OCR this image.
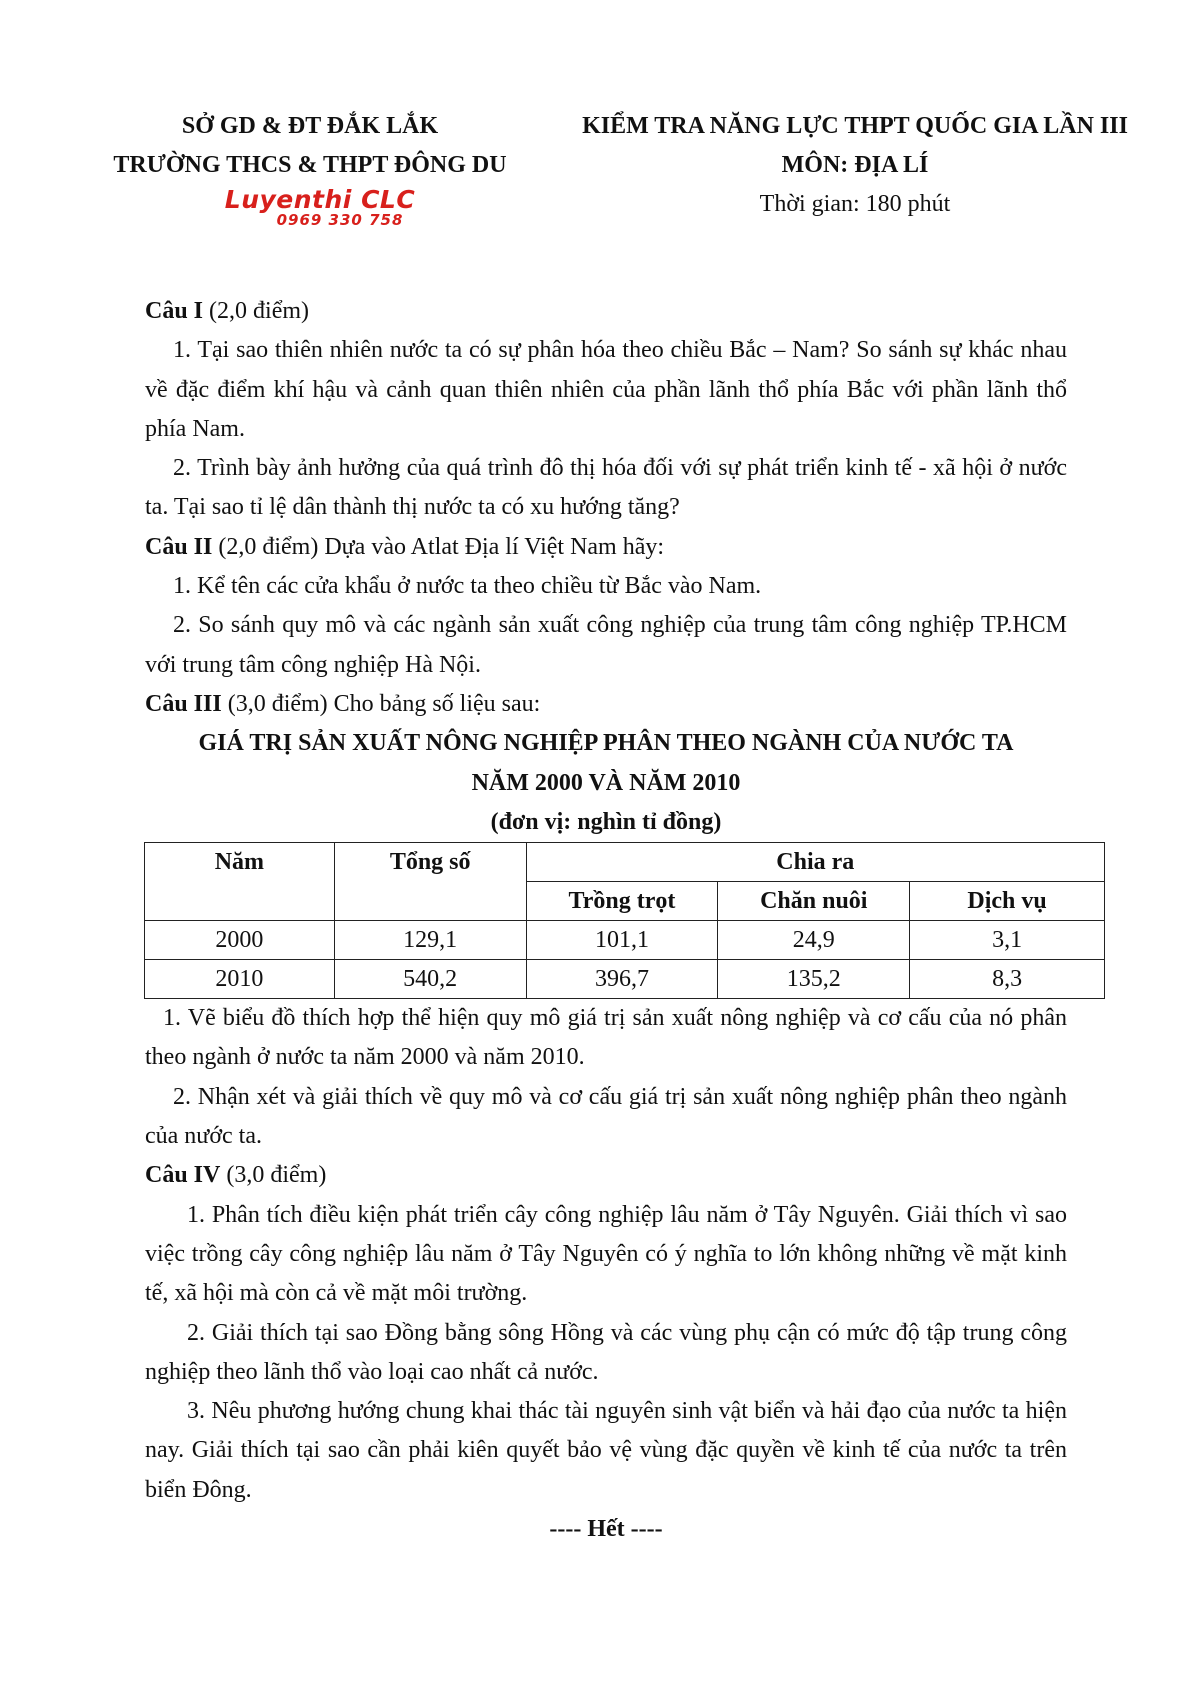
SỞ GD & ĐT ĐẮK LẮK
TRƯỜNG THCS & THPT ĐÔNG DU
Luyenthi CLC
0969 330 758
KIỂM TRA NĂNG LỰC THPT QUỐC GIA LẦN III
MÔN: ĐỊA LÍ
Thời gian: 180 phút

Câu I (2,0 điểm)

1. Tại sao thiên nhiên nước ta có sự phân hóa theo chiều Bắc – Nam? So sánh sự khác nhau về đặc điểm khí hậu và cảnh quan thiên nhiên của phần lãnh thổ phía Bắc với phần lãnh thổ phía Nam.

2. Trình bày ảnh hưởng của quá trình đô thị hóa đối với sự phát triển kinh tế - xã hội ở nước ta. Tại sao tỉ lệ dân thành thị nước ta có xu hướng tăng?

Câu II (2,0 điểm) Dựa vào Atlat Địa lí Việt Nam hãy:

1. Kể tên các cửa khẩu ở nước ta theo chiều từ Bắc vào Nam.

2. So sánh quy mô và các ngành sản xuất công nghiệp của trung tâm công nghiệp TP.HCM với trung tâm công nghiệp Hà Nội.

Câu III (3,0 điểm) Cho bảng số liệu sau:

GIÁ TRỊ SẢN XUẤT NÔNG NGHIỆP PHÂN THEO NGÀNH CỦA NƯỚC TA

NĂM 2000 VÀ NĂM 2010

(đơn vị: nghìn tỉ đồng)

Năm	Tổng số	Chia ra		
		Trồng trọt	Chăn nuôi	Dịch vụ
2000	129,1	101,1	24,9	3,1
2010	540,2	396,7	135,2	8,3

1. Vẽ biểu đồ thích hợp thể hiện quy mô giá trị sản xuất nông nghiệp và cơ cấu của nó phân theo ngành ở nước ta năm 2000 và năm 2010.

2. Nhận xét và giải thích về quy mô và cơ cấu giá trị sản xuất nông nghiệp phân theo ngành của nước ta.

Câu IV (3,0 điểm)

1. Phân tích điều kiện phát triển cây công nghiệp lâu năm ở Tây Nguyên. Giải thích vì sao việc trồng cây công nghiệp lâu năm ở Tây Nguyên có ý nghĩa to lớn không những về mặt kinh tế, xã hội mà còn cả về mặt môi trường.

2. Giải thích tại sao Đồng bằng sông Hồng và các vùng phụ cận có mức độ tập trung công nghiệp theo lãnh thổ vào loại cao nhất cả nước.

3. Nêu phương hướng chung khai thác tài nguyên sinh vật biển và hải đạo của nước ta hiện nay. Giải thích tại sao cần phải kiên quyết bảo vệ vùng đặc quyền về kinh tế của nước ta trên biển Đông.

---- Hết ----
